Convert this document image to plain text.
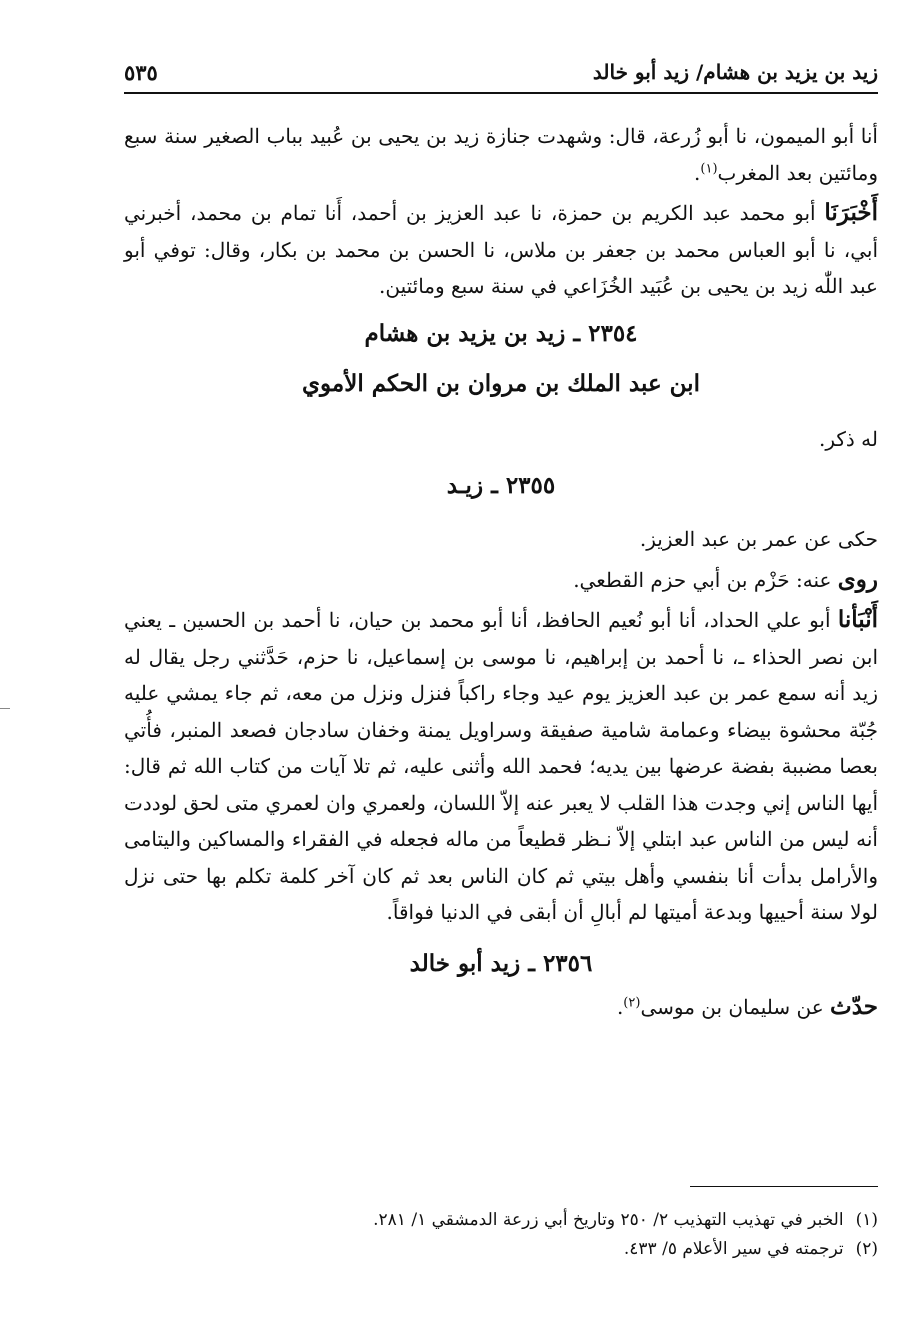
زيد بن يزيد بن هشام/ زيد أبو خالد
٥٣٥

أنا أبو الميمون، نا أبو زُرعة، قال: وشهدت جنازة زيد بن يحيى بن عُبيد بباب الصغير سنة سبع ومائتين بعد المغرب$^{(١)}$.

أَخْبَرَنَا أبو محمد عبد الكريم بن حمزة، نا عبد العزيز بن أحمد، أَنا تمام بن محمد، أخبرني أبي، نا أبو العباس محمد بن جعفر بن ملاس، نا الحسن بن محمد بن بكار، وقال: توفي أبو عبد اللّٰه زيد بن يحيى بن عُبَيد الخُزَاعي في سنة سبع ومائتين.

٢٣٥٤ ـ زيد بن يزيد بن هشام

ابن عبد الملك بن مروان بن الحكم الأموي

له ذكر.

٢٣٥٥ ـ زيـد

حكى عن عمر بن عبد العزيز.

روى عنه: حَزْم بن أبي حزم القطعي.

أَنْبَأنا أبو علي الحداد، أنا أبو نُعيم الحافظ، أنا أبو محمد بن حيان، نا أحمد بن الحسين ـ يعني ابن نصر الحذاء ـ، نا أحمد بن إبراهيم، نا موسى بن إسماعيل، نا حزم، حَدَّثني رجل يقال له زيد أنه سمع عمر بن عبد العزيز يوم عيد وجاء راكباً فنزل ونزل من معه، ثم جاء يمشي عليه جُبّة محشوة بيضاء وعمامة شامية صفيقة وسراويل يمنة وخفان سادجان فصعد المنبر، فأُتي بعصا مضببة بفضة عرضها بين يديه؛ فحمد الله وأثنى عليه، ثم تلا آيات من كتاب الله ثم قال: أيها الناس إني وجدت هذا القلب لا يعبر عنه إلاّ اللسان، ولعمري وان لعمري متى لحق لوددت أنه ليس من الناس عبد ابتلي إلاّ نـظر قطيعاً من ماله فجعله في الفقراء والمساكين واليتامى والأرامل بدأت أنا بنفسي وأهل بيتي ثم كان الناس بعد ثم كان آخر كلمة تكلم بها حتى نزل لولا سنة أحييها وبدعة أميتها لم أبالِ أن أبقى في الدنيا فواقاً.

٢٣٥٦ ـ زيد أبو خالد

حدّث عن سليمان بن موسى$^{(٢)}$.

(١)الخبر في تهذيب التهذيب ٢/ ٢٥٠ وتاريخ أبي زرعة الدمشقي ١/ ٢٨١.

(٢)ترجمته في سير الأعلام ٥/ ٤٣٣.
